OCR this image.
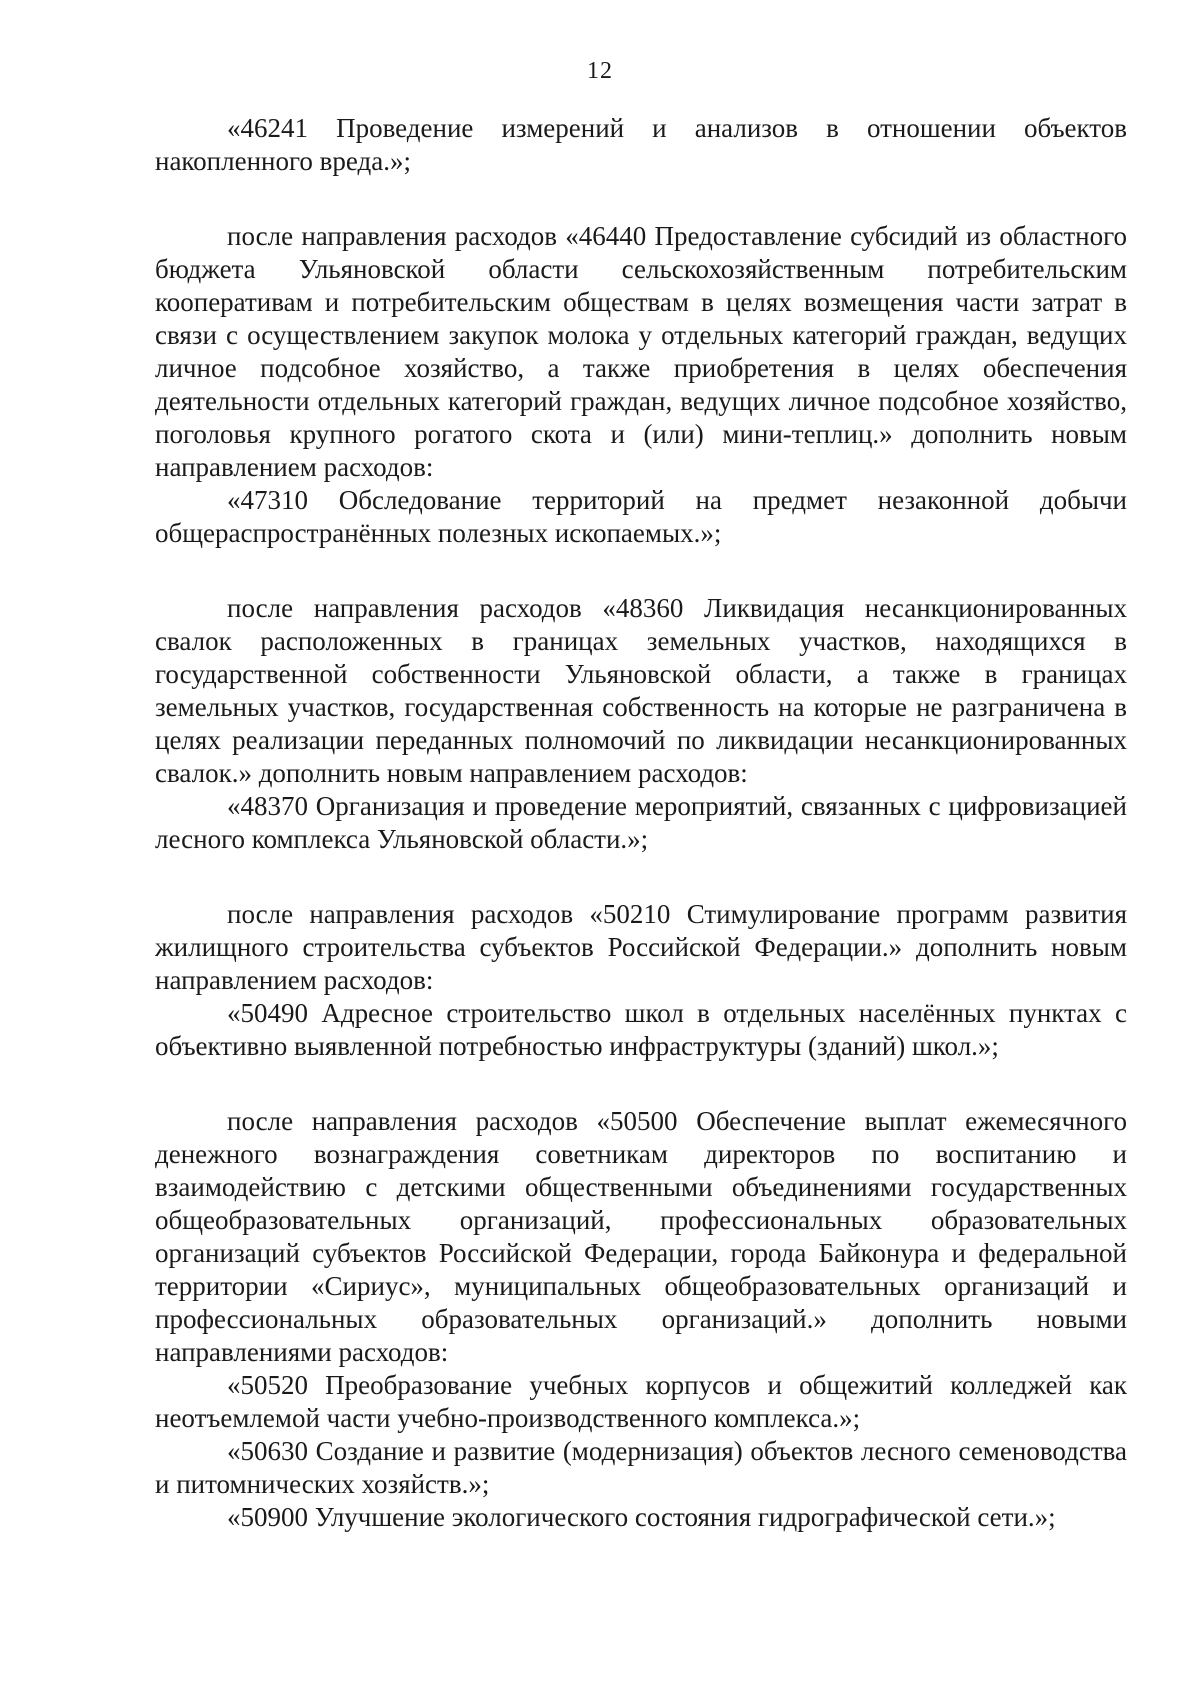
12

«46241 Проведение измерений и анализов в отношении объектов накопленного вреда.»;

после направления расходов «46440 Предоставление субсидий из областного бюджета Ульяновской области сельскохозяйственным потребительским кооперативам и потребительским обществам в целях возмещения части затрат в связи с осуществлением закупок молока у отдельных категорий граждан, ведущих личное подсобное хозяйство, а также приобретения в целях обеспечения деятельности отдельных категорий граждан, ведущих личное подсобное хозяйство, поголовья крупного рогатого скота и (или) мини-теплиц.» дополнить новым направлением расходов:

«47310 Обследование территорий на предмет незаконной добычи общераспространённых полезных ископаемых.»;

после направления расходов «48360 Ликвидация несанкционированных свалок расположенных в границах земельных участков, находящихся в государственной собственности Ульяновской области, а также в границах земельных участков, государственная собственность на которые не разграничена в целях реализации переданных полномочий по ликвидации несанкционированных свалок.» дополнить новым направлением расходов:

«48370 Организация и проведение мероприятий, связанных с цифровизацией лесного комплекса Ульяновской области.»;

после направления расходов «50210 Стимулирование программ развития жилищного строительства субъектов Российской Федерации.» дополнить новым направлением расходов:

«50490 Адресное строительство школ в отдельных населённых пунктах с объективно выявленной потребностью инфраструктуры (зданий) школ.»;

после направления расходов «50500 Обеспечение выплат ежемесячного денежного вознаграждения советникам директоров по воспитанию и взаимодействию с детскими общественными объединениями государственных общеобразовательных организаций, профессиональных образовательных организаций субъектов Российской Федерации, города Байконура и федеральной территории «Сириус», муниципальных общеобразовательных организаций и профессиональных образовательных организаций.» дополнить новыми направлениями расходов:

«50520 Преобразование учебных корпусов и общежитий колледжей как неотъемлемой части учебно-производственного комплекса.»;

«50630 Создание и развитие (модернизация) объектов лесного семеноводства и питомнических хозяйств.»;

«50900 Улучшение экологического состояния гидрографической сети.»;
